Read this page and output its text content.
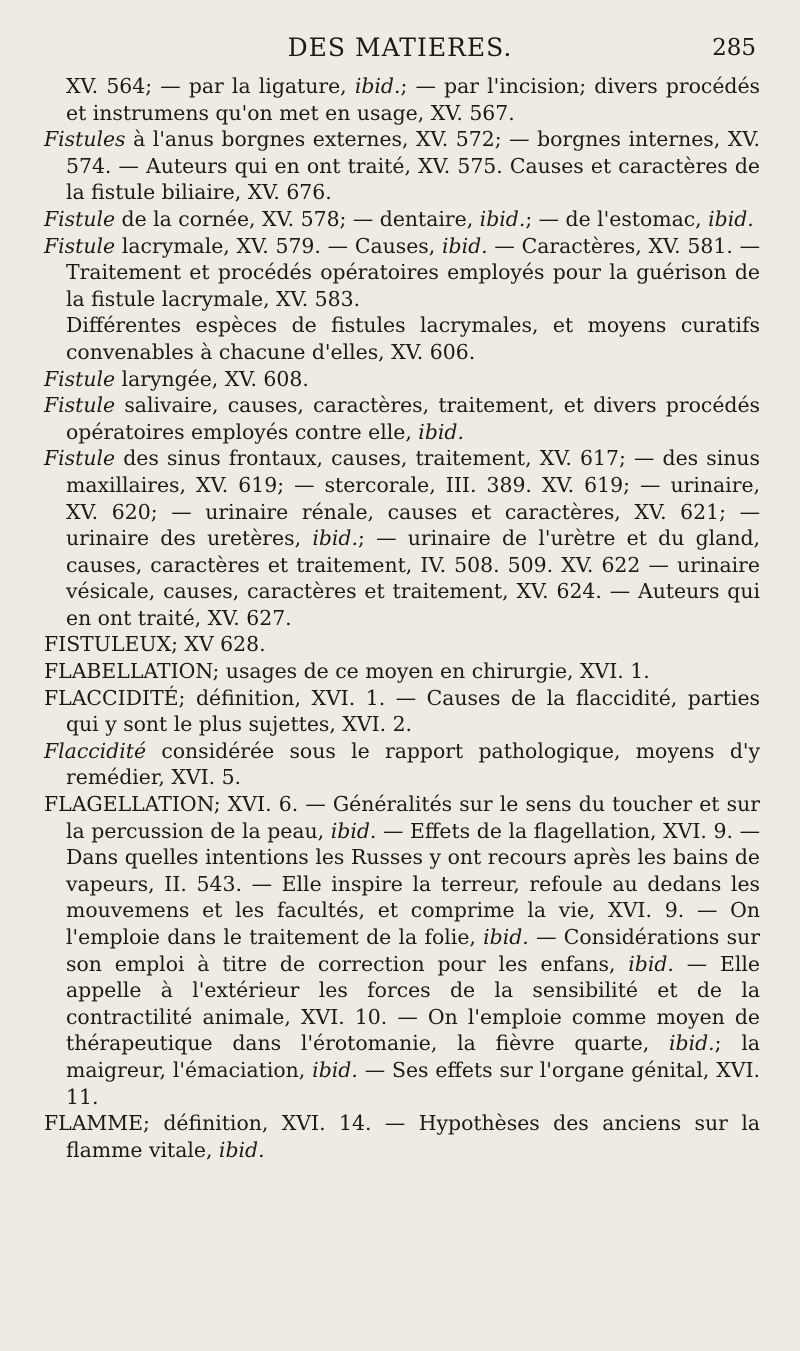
DES MATIERES.	285

XV. 564; — par la ligature, ibid.; — par l'incision; divers procédés et instrumens qu'on met en usage, XV. 567.

Fistules à l'anus borgnes externes, XV. 572; — borgnes internes, XV. 574. — Auteurs qui en ont traité, XV. 575. Causes et caractères de la fistule biliaire, XV. 676.

Fistule de la cornée, XV. 578; — dentaire, ibid.; — de l'estomac, ibid.

Fistule lacrymale, XV. 579. — Causes, ibid. — Caractères, XV. 581. — Traitement et procédés opératoires employés pour la guérison de la fistule lacrymale, XV. 583.

Différentes espèces de fistules lacrymales, et moyens curatifs convenables à chacune d'elles, XV. 606.

Fistule laryngée, XV. 608.

Fistule salivaire, causes, caractères, traitement, et divers procédés opératoires employés contre elle, ibid.

Fistule des sinus frontaux, causes, traitement, XV. 617; — des sinus maxillaires, XV. 619; — stercorale, III. 389. XV. 619; — urinaire, XV. 620; — urinaire rénale, causes et caractères, XV. 621; — urinaire des uretères, ibid.; — urinaire de l'urètre et du gland, causes, caractères et traitement, IV. 508. 509. XV. 622 — urinaire vésicale, causes, caractères et traitement, XV. 624. — Auteurs qui en ont traité, XV. 627.

FISTULEUX; XV 628.

FLABELLATION; usages de ce moyen en chirurgie, XVI. 1.

FLACCIDITÉ; définition, XVI. 1. — Causes de la flaccidité, parties qui y sont le plus sujettes, XVI. 2.

Flaccidité considérée sous le rapport pathologique, moyens d'y remédier, XVI. 5.

FLAGELLATION; XVI. 6. — Généralités sur le sens du toucher et sur la percussion de la peau, ibid. — Effets de la flagellation, XVI. 9. — Dans quelles intentions les Russes y ont recours après les bains de vapeurs, II. 543. — Elle inspire la terreur, refoule au dedans les mouvemens et les facultés, et comprime la vie, XVI. 9. — On l'emploie dans le traitement de la folie, ibid. — Considérations sur son emploi à titre de correction pour les enfans, ibid. — Elle appelle à l'extérieur les forces de la sensibilité et de la contractilité animale, XVI. 10. — On l'emploie comme moyen de thérapeutique dans l'érotomanie, la fièvre quarte, ibid.; la maigreur, l'émaciation, ibid. — Ses effets sur l'organe génital, XVI. 11.

FLAMME; définition, XVI. 14. — Hypothèses des anciens sur la flamme vitale, ibid.
